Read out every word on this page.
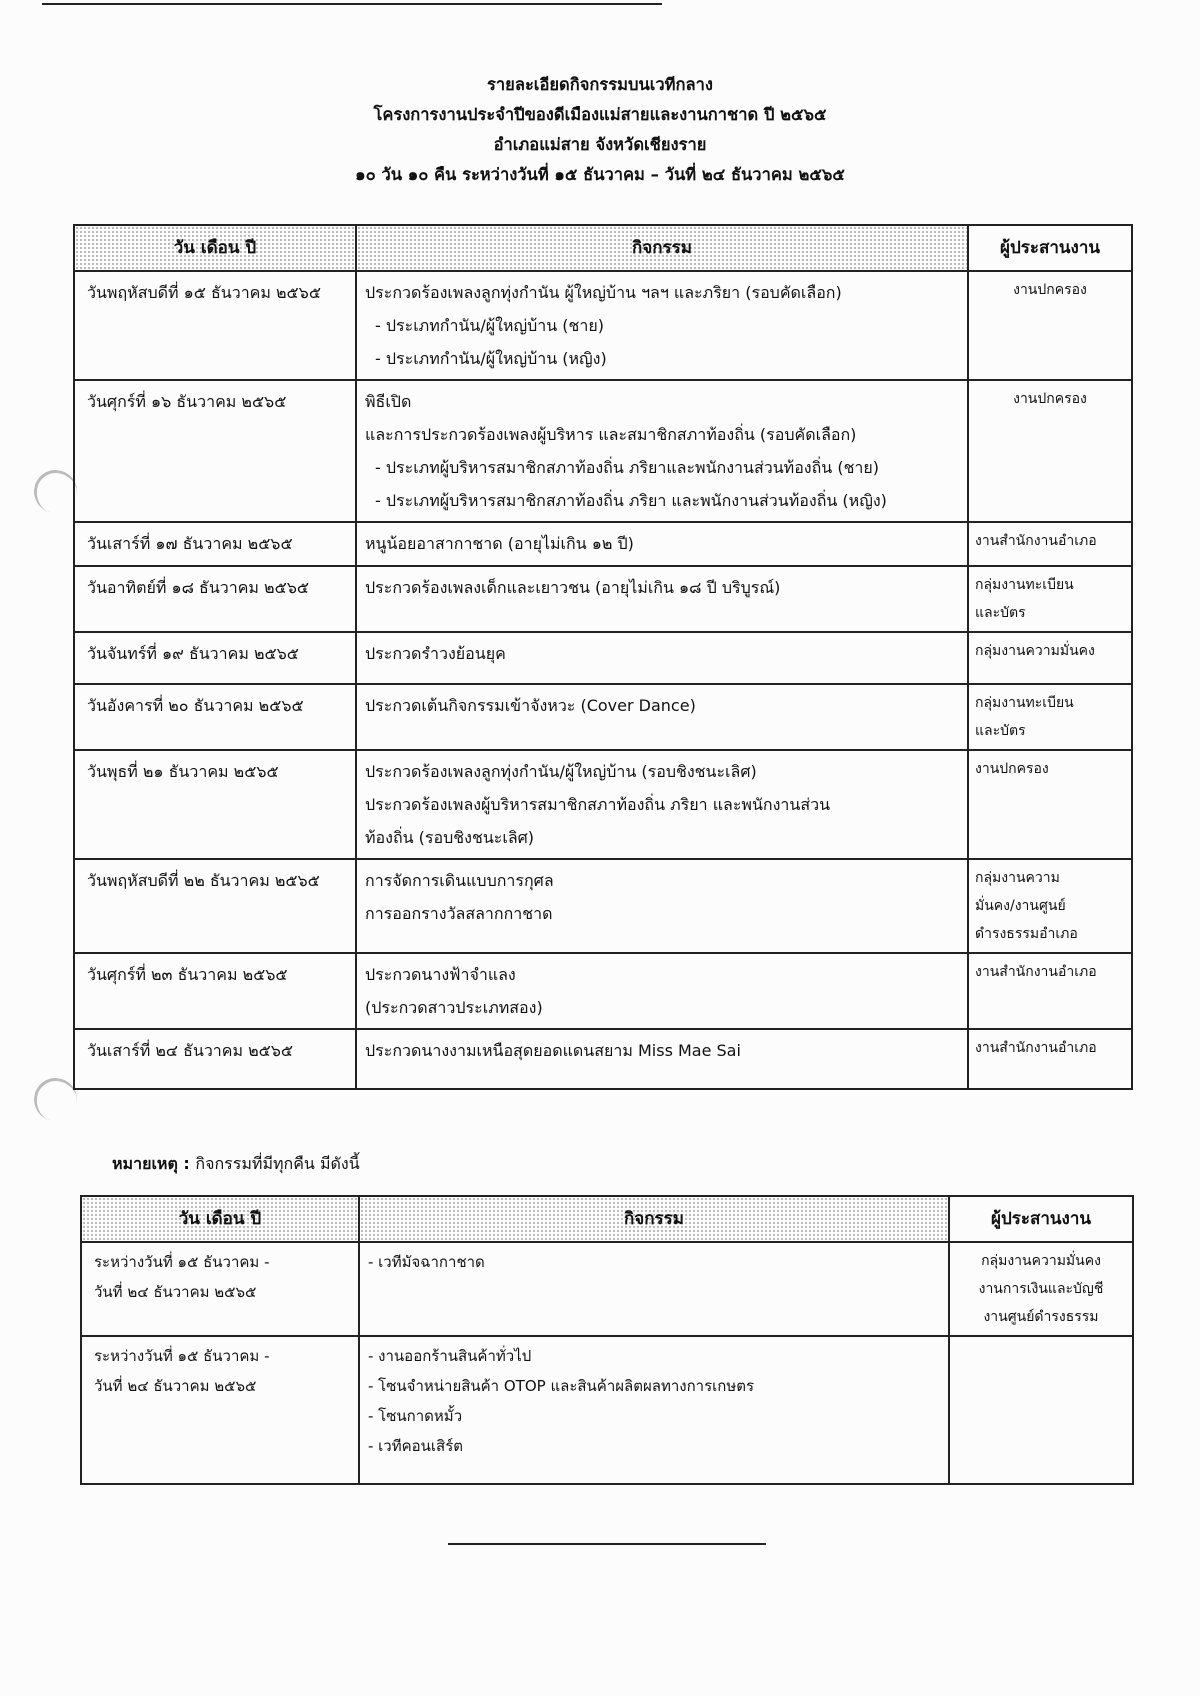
รายละเอียดกิจกรรมบนเวทีกลาง
โครงการงานประจำปีของดีเมืองแม่สายและงานกาชาด ปี ๒๕๖๕
อำเภอแม่สาย จังหวัดเชียงราย
๑๐ วัน ๑๐ คืน ระหว่างวันที่ ๑๕ ธันวาคม – วันที่ ๒๔ ธันวาคม ๒๕๖๕
วัน เดือน ปี	กิจกรรม	ผู้ประสานงาน
วันพฤหัสบดีที่ ๑๕ ธันวาคม ๒๕๖๕	ประกวดร้องเพลงลูกทุ่งกำนัน ผู้ใหญ่บ้าน ฯลฯ และภริยา (รอบคัดเลือก)
- ประเภทกำนัน/ผู้ใหญ่บ้าน (ชาย)
- ประเภทกำนัน/ผู้ใหญ่บ้าน (หญิง)	งานปกครอง

วันศุกร์ที่ ๑๖ ธันวาคม ๒๕๖๕	พิธีเปิด
และการประกวดร้องเพลงผู้บริหาร และสมาชิกสภาท้องถิ่น (รอบคัดเลือก)
- ประเภทผู้บริหารสมาชิกสภาท้องถิ่น ภริยาและพนักงานส่วนท้องถิ่น (ชาย)
- ประเภทผู้บริหารสมาชิกสภาท้องถิ่น ภริยา และพนักงานส่วนท้องถิ่น (หญิง)	งานปกครอง

วันเสาร์ที่ ๑๗ ธันวาคม ๒๕๖๕	หนูน้อยอาสากาชาด (อายุไม่เกิน ๑๒ ปี)	งานสำนักงานอำเภอ

วันอาทิตย์ที่ ๑๘ ธันวาคม ๒๕๖๕	ประกวดร้องเพลงเด็กและเยาวชน (อายุไม่เกิน ๑๘ ปี บริบูรณ์)	กลุ่มงานทะเบียน
และบัตร

วันจันทร์ที่ ๑๙ ธันวาคม ๒๕๖๕	ประกวดรำวงย้อนยุค	กลุ่มงานความมั่นคง

วันอังคารที่ ๒๐ ธันวาคม ๒๕๖๕	ประกวดเต้นกิจกรรมเข้าจังหวะ (Cover Dance)	กลุ่มงานทะเบียน
และบัตร

วันพุธที่ ๒๑ ธันวาคม ๒๕๖๕	ประกวดร้องเพลงลูกทุ่งกำนัน/ผู้ใหญ่บ้าน (รอบชิงชนะเลิศ)
ประกวดร้องเพลงผู้บริหารสมาชิกสภาท้องถิ่น ภริยา และพนักงานส่วน
ท้องถิ่น (รอบชิงชนะเลิศ)	งานปกครอง

วันพฤหัสบดีที่ ๒๒ ธันวาคม ๒๕๖๕	การจัดการเดินแบบการกุศล
การออกรางวัลสลากกาชาด	กลุ่มงานความ
มั่นคง/งานศูนย์
ดำรงธรรมอำเภอ

วันศุกร์ที่ ๒๓ ธันวาคม ๒๕๖๕	ประกวดนางฟ้าจำแลง
(ประกวดสาวประเภทสอง)	งานสำนักงานอำเภอ

วันเสาร์ที่ ๒๔ ธันวาคม ๒๕๖๕	ประกวดนางงามเหนือสุดยอดแดนสยาม Miss Mae Sai	งานสำนักงานอำเภอ
หมายเหตุ : กิจกรรมที่มีทุกคืน มีดังนี้
วัน เดือน ปี	กิจกรรม	ผู้ประสานงาน

ระหว่างวันที่ ๑๕ ธันวาคม -
วันที่ ๒๔ ธันวาคม ๒๕๖๕	- เวทีมัจฉากาชาด	กลุ่มงานความมั่นคง
งานการเงินและบัญชี
งานศูนย์ดำรงธรรม

ระหว่างวันที่ ๑๕ ธันวาคม -
วันที่ ๒๔ ธันวาคม ๒๕๖๕	- งานออกร้านสินค้าทั่วไป
- โซนจำหน่ายสินค้า OTOP และสินค้าผลิตผลทางการเกษตร
- โซนกาดหมั้ว
- เวทีคอนเสิร์ต	
